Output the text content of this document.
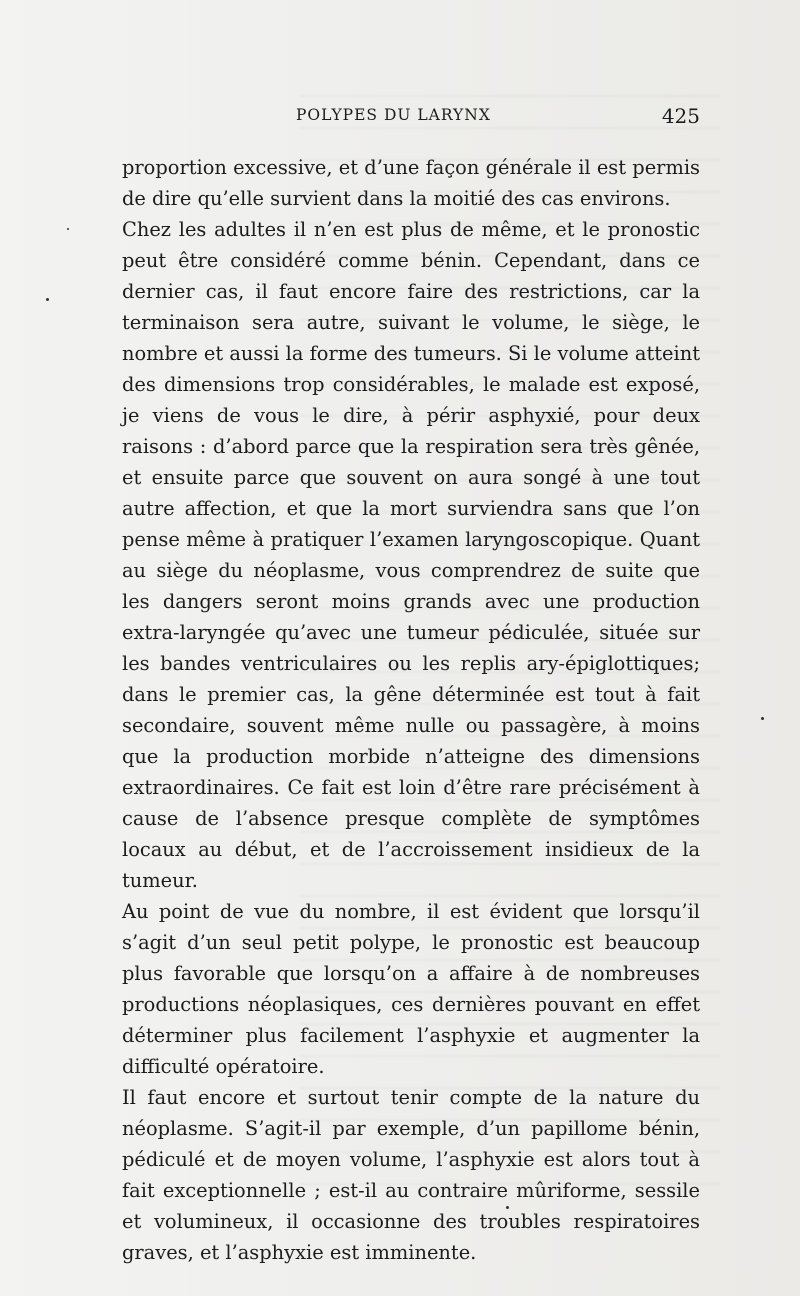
POLYPES DU LARYNX	425

proportion excessive, et d’une façon générale il est permis de dire qu’elle survient dans la moitié des cas environs.

Chez les adultes il n’en est plus de même, et le pronostic peut être considéré comme bénin. Cependant, dans ce dernier cas, il faut encore faire des restrictions, car la terminaison sera autre, suivant le volume, le siège, le nombre et aussi la forme des tumeurs. Si le volume atteint des dimensions trop considérables, le malade est exposé, je viens de vous le dire, à périr asphyxié, pour deux raisons : d’abord parce que la respiration sera très gênée, et ensuite parce que souvent on aura songé à une tout autre affection, et que la mort surviendra sans que l’on pense même à pratiquer l’examen laryngoscopique. Quant au siège du néoplasme, vous comprendrez de suite que les dangers seront moins grands avec une production extra-laryngée qu’avec une tumeur pédiculée, située sur les bandes ventriculaires ou les replis ary-épiglottiques; dans le premier cas, la gêne déterminée est tout à fait secondaire, souvent même nulle ou passagère, à moins que la production morbide n’atteigne des dimensions extraordinaires. Ce fait est loin d’être rare précisément à cause de l’absence presque complète de symptômes locaux au début, et de l’accroissement insidieux de la tumeur.

Au point de vue du nombre, il est évident que lorsqu’il s’agit d’un seul petit polype, le pronostic est beaucoup plus favorable que lorsqu’on a affaire à de nombreuses productions néoplasiques, ces dernières pouvant en effet déterminer plus facilement l’asphyxie et augmenter la difficulté opératoire.

Il faut encore et surtout tenir compte de la nature du néoplasme. S’agit-il par exemple, d’un papillome bénin, pédiculé et de moyen volume, l’asphyxie est alors tout à fait exceptionnelle ; est-il au contraire mûriforme, sessile et volumineux, il occasionne des troubles respiratoires graves, et l’asphyxie est imminente.
